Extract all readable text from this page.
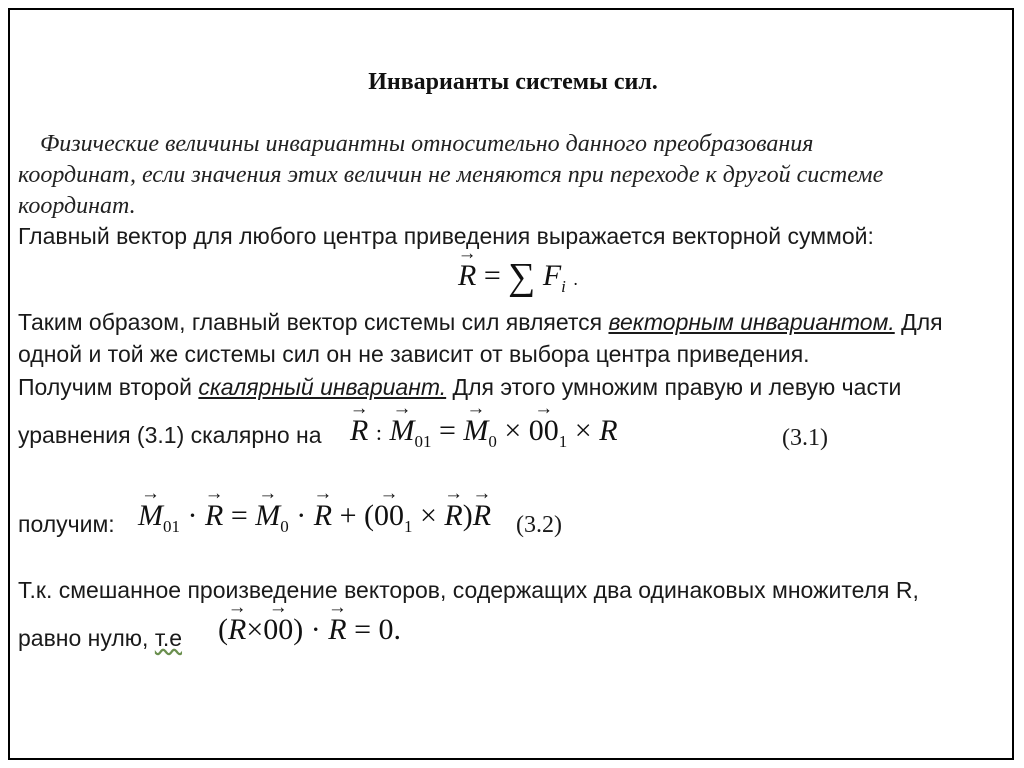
Инварианты системы сил.
Физические величины инвариантны относительно данного преобразования
координат, если значения этих величин не меняются при переходе к другой системе
координат.
Главный вектор для любого центра приведения выражается векторной суммой:
→ R = ∑ $F_i$ .
Таким образом, главный вектор системы сил является векторным инвариантом. Для
одной и той же системы сил он не зависит от выбора центра приведения.
Получим второй скалярный инвариант. Для этого умножим правую и левую части
уравнения (3.1) скалярно на → R : → $M_{01}$ = → $M_0$ × → $00_1 \times R$	(3.1)
получим: → $M_{01}$ · → R = → $M_0$ · → R + (→ $00_1$ × → R)→ R (3.2)
Т.к. смешанное произведение векторов, содержащих два одинаковых множителя R,
равно нулю, т.е (→ R×→ 00) · → R = 0.
